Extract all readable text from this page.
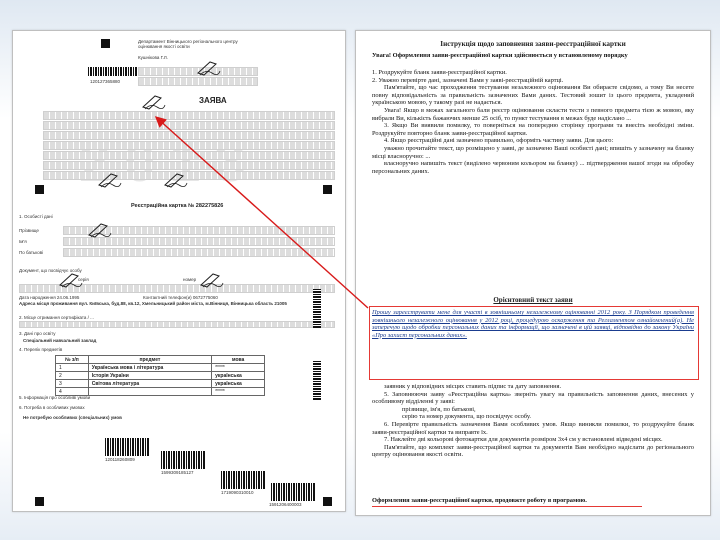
Департамент Вінницького регіонального центру оцінювання якості освіти
Кушнікова Г.Л.
120127365880
ЗАЯВА
Реєстраційна картка № 282275826
1. Особисті дані
Прізвище
Ім'я
По батькові
Документ, що посвідчує особу
серія	номер
Дата народження 24.06.1995	Контактний телефон(и) 0672775060
Адреса місця проживання вул. Київська, буд.88, кв.12, Хмельницький район міста, м.Вінниця, Вінницька область 21005
2. Місце отримання сертифіката / ...
3. Дані про освіту
Спеціальний навчальний заклад
4. Перелік предметів
№ з/п	предмет	мова
1	Українська мова і література	*****
2	Історія України	українська
3	Світова література	українська
4		*****
5. Інформація про особливі умови
6. Потреба в особливих умовах
Не потребую особливих (спеціальних) умов
120118260809
1599309185127
1719090310010
1591206400003
Інструкція щодо заповнення заяви-реєстраційної картки
Увага! Оформлення заяви-реєстраційної картки здійснюється у встановленому порядку

1. Роздрукуйте бланк заяви-реєстраційної картки.

2. Уважно перевірте дані, зазначені Вами у заяві-реєстраційній картці.

Пам'ятайте, що час проходження тестування незалежного оцінювання Ви обираєте свідомо, а тому Ви несете повну відповідальність за правильність зазначених Вами даних. Тестовий зошит із цього предмета, укладений українською мовою, у такому разі не надається.

Увага! Якщо в межах загального бали реєстр оцінювання скласти тести з певного предмета тією ж мовою, яку вибрали Ви, кількість бажаючих менше 25 осіб, то пункт тестування в межах буде надіслано ...

3. Якщо Ви виявили помилку, то поверніться на попередню сторінку програми та внесіть необхідні зміни. Роздрукуйте повторно бланк заяви-реєстраційної картки.

4. Якщо реєстраційні дані зазначено правильно, оформіть частину заяви. Для цього:

уважно прочитайте текст, що розміщено у заяві, де зазначено Ваші особисті дані; впишіть у зазначену на бланку місці власноручно: ...

власноручно напишіть текст (виділено червоним кольором на бланку) ... підтвердження вашої згоди на обробку персональних даних.

Орієнтовний текст заяви
Прошу зареєструвати мене для участі в зовнішньому незалежному оцінюванні 2012 року. З Порядком проведення зовнішнього незалежного оцінювання у 2012 році, процедурою оскарження та Регламентом ознайомлений(а). Не заперечую щодо обробки персональних даних та інформації, що зазначені в цій заявці, відповідно до закону України «Про захист персональних даних».

заявник у відповідних місцях ставить підпис та дату заповнення.

5. Заповнюючи заяву «Реєстраційна картка» зверніть увагу на правильність заповнення даних, внесених у особливому відділенні у заяві:

прізвище, ім'я, по батькові,

серію та номер документа, що посвідчує особу.

6. Перевірте правильність зазначення Вами особливих умов. Якщо виникли помилки, то роздрукуйте бланк заяви-реєстраційної картки та виправте їх.

7. Наклейте дві кольорові фотокартки для документів розміром 3х4 см у встановлені відведені місцях.

Пам'ятайте, що комплект заяви-реєстраційної картки та документів Вам необхідно надіслати до регіонального центру оцінювання якості освіти.

Оформлення заяви-реєстраційної картки, продовжте роботу в програмою.
